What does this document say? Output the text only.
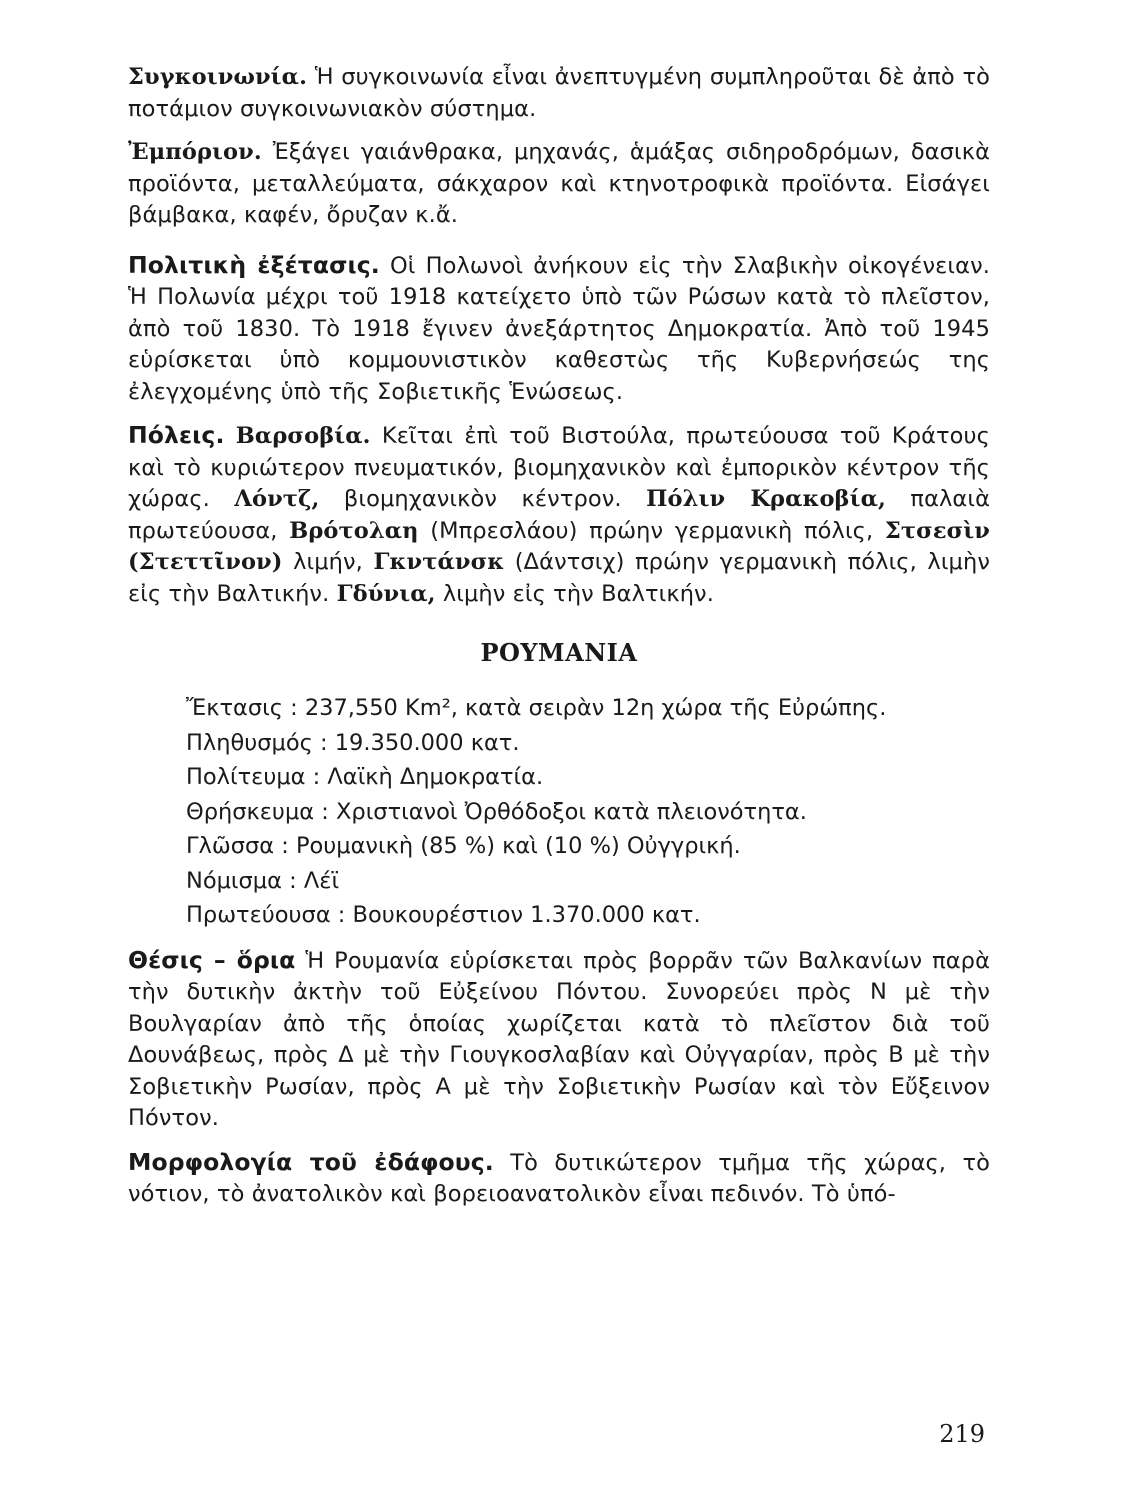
Συγκοινωνία. Ἡ συγκοινωνία εἶναι ἀνεπτυγμένη συμπληροῦται δὲ ἀπὸ τὸ ποτάμιον συγκοινωνιακὸν σύστημα.

Ἐμπόριον. Ἐξάγει γαιάνθρακα, μηχανάς, ἁμάξας σιδηροδρόμων, δασικὰ προϊόντα, μεταλλεύματα, σάκχαρον καὶ κτηνοτροφικὰ προϊόντα. Εἰσάγει βάμβακα, καφέν, ὄρυζαν κ.ἄ.

Πολιτικὴ ἐξέτασις. Οἱ Πολωνοὶ ἀνήκουν εἰς τὴν Σλαβικὴν οἰκογένειαν. Ἡ Πολωνία μέχρι τοῦ 1918 κατείχετο ὑπὸ τῶν Ρώσων κατὰ τὸ πλεῖστον, ἀπὸ τοῦ 1830. Τὸ 1918 ἔγινεν ἀνεξάρτητος Δημοκρατία. Ἀπὸ τοῦ 1945 εὑρίσκεται ὑπὸ κομμουνιστικὸν καθεστὼς τῆς Κυβερνήσεώς της ἐλεγχομένης ὑπὸ τῆς Σοβιετικῆς Ἑνώσεως.

Πόλεις. Βαρσοβία. Κεῖται ἐπὶ τοῦ Βιστούλα, πρωτεύουσα τοῦ Κράτους καὶ τὸ κυριώτερον πνευματικόν, βιομηχανικὸν καὶ ἐμπορικὸν κέντρον τῆς χώρας. Λόντζ, βιομηχανικὸν κέντρον. Πόλιν Κρακοβία, παλαιὰ πρωτεύουσα, Βρότολαη (Μπρεσλάου) πρώην γερμανικὴ πόλις, Στσεσὶν (Στεττῖνον) λιμήν, Γκντάνσκ (Δάντσιχ) πρώην γερμανικὴ πόλις, λιμὴν εἰς τὴν Βαλτικήν. Γδύνια, λιμὴν εἰς τὴν Βαλτικήν.

ΡΟΥΜΑΝΙΑ
Ἔκτασις : 237,550 Km², κατὰ σειρὰν 12η χώρα τῆς Εὐρώπης.
Πληθυσμός : 19.350.000 κατ.
Πολίτευμα : Λαϊκὴ Δημοκρατία.
Θρήσκευμα : Χριστιανοὶ Ὀρθόδοξοι κατὰ πλειονότητα.
Γλῶσσα : Ρουμανικὴ (85 %) καὶ (10 %) Οὐγγρική.
Νόμισμα : Λέϊ
Πρωτεύουσα : Βουκουρέστιον 1.370.000 κατ.

Θέσις – ὅρια Ἡ Ρουμανία εὑρίσκεται πρὸς βορρᾶν τῶν Βαλκανίων παρὰ τὴν δυτικὴν ἀκτὴν τοῦ Εὐξείνου Πόντου. Συνορεύει πρὸς Ν μὲ τὴν Βουλγαρίαν ἀπὸ τῆς ὁποίας χωρίζεται κατὰ τὸ πλεῖστον διὰ τοῦ Δουνάβεως, πρὸς Δ μὲ τὴν Γιουγκοσλαβίαν καὶ Οὐγγαρίαν, πρὸς Β μὲ τὴν Σοβιετικὴν Ρωσίαν, πρὸς Α μὲ τὴν Σοβιετικὴν Ρωσίαν καὶ τὸν Εὔξεινον Πόντον.

Μορφολογία τοῦ ἐδάφους. Τὸ δυτικώτερον τμῆμα τῆς χώρας, τὸ νότιον, τὸ ἀνατολικὸν καὶ βορειοανατολικὸν εἶναι πεδινόν. Τὸ ὑπό-

219
